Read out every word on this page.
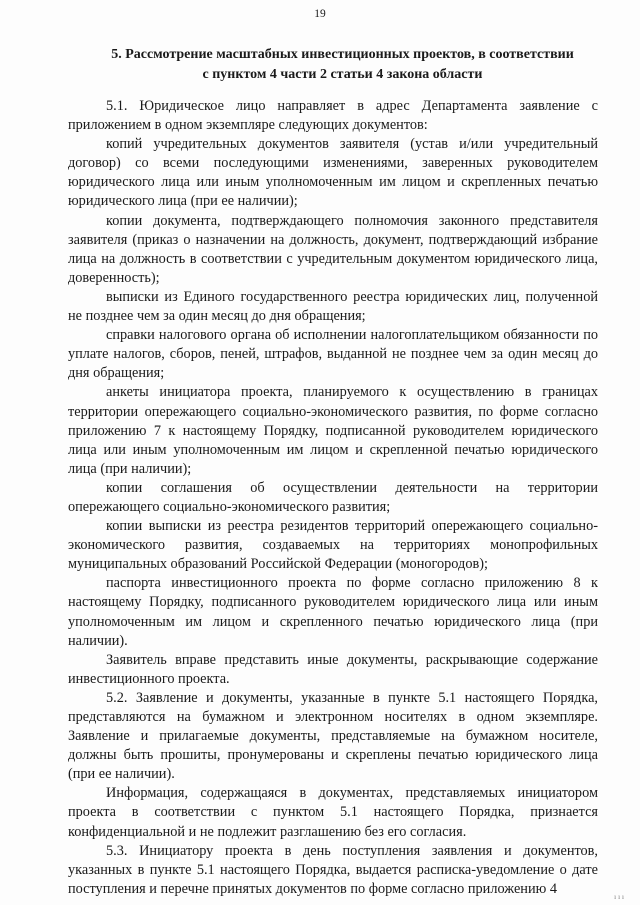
19
5. Рассмотрение масштабных инвестиционных проектов, в соответствии
с пунктом 4 части 2 статьи 4 закона области

5.1. Юридическое лицо направляет в адрес Департамента заявление с приложением в одном экземпляре следующих документов:

копий учредительных документов заявителя (устав и/или учредительный договор) со всеми последующими изменениями, заверенных руководителем юридического лица или иным уполномоченным им лицом и скрепленных печатью юридического лица (при ее наличии);

копии документа, подтверждающего полномочия законного представителя заявителя (приказ о назначении на должность, документ, подтверждающий избрание лица на должность в соответствии с учредительным документом юридического лица, доверенность);

выписки из Единого государственного реестра юридических лиц, полученной не позднее чем за один месяц до дня обращения;

справки налогового органа об исполнении налогоплательщиком обязанности по уплате налогов, сборов, пеней, штрафов, выданной не позднее чем за один месяц до дня обращения;

анкеты инициатора проекта, планируемого к осуществлению в границах территории опережающего социально-экономического развития, по форме согласно приложению 7 к настоящему Порядку, подписанной руководителем юридического лица или иным уполномоченным им лицом и скрепленной печатью юридического лица (при наличии);

копии соглашения об осуществлении деятельности на территории опережающего социально-экономического развития;

копии выписки из реестра резидентов территорий опережающего социально-экономического развития, создаваемых на территориях монопрофильных муниципальных образований Российской Федерации (моногородов);

паспорта инвестиционного проекта по форме согласно приложению 8 к настоящему Порядку, подписанного руководителем юридического лица или иным уполномоченным им лицом и скрепленного печатью юридического лица (при наличии).

Заявитель вправе представить иные документы, раскрывающие содержание инвестиционного проекта.

5.2. Заявление и документы, указанные в пункте 5.1 настоящего Порядка, представляются на бумажном и электронном носителях в одном экземпляре. Заявление и прилагаемые документы, представляемые на бумажном носителе, должны быть прошиты, пронумерованы и скреплены печатью юридического лица (при ее наличии).

Информация, содержащаяся в документах, представляемых инициатором проекта в соответствии с пунктом 5.1 настоящего Порядка, признается конфиденциальной и не подлежит разглашению без его согласия.

5.3. Инициатору проекта в день поступления заявления и документов, указанных в пункте 5.1 настоящего Порядка, выдается расписка-уведомление о дате поступления и перечне принятых документов по форме согласно приложению 4

ııı
